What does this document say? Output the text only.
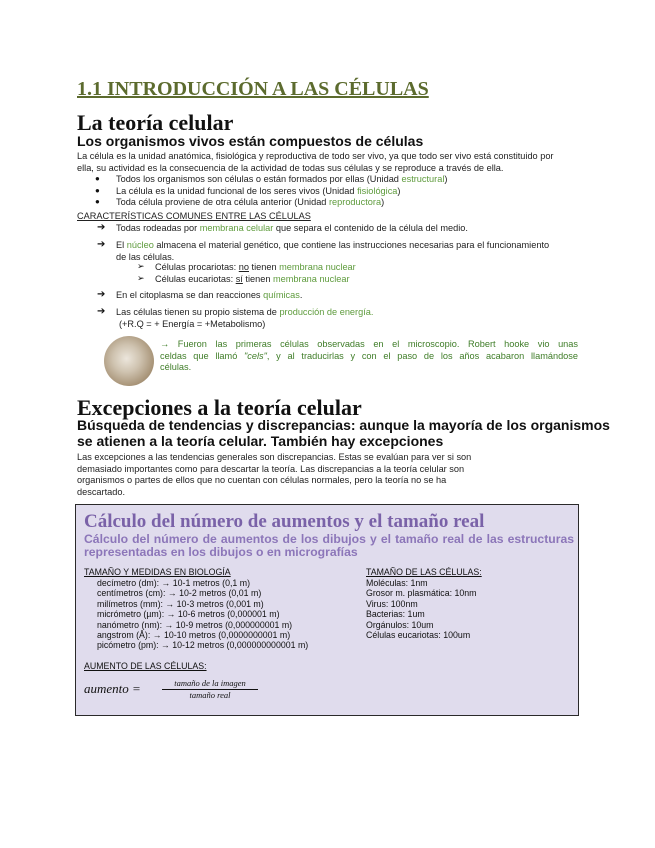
1.1 INTRODUCCIÓN A LAS CÉLULAS
La teoría celular
Los organismos vivos están compuestos de células
La célula es la unidad anatómica, fisiológica y reproductiva de todo ser vivo, ya que todo ser vivo está constituido por
ella, su actividad es la consecuencia de la actividad de todas sus células y se reproduce a través de ella.
● Todos los organismos son células o están formados por ellas (Unidad estructural)
● La célula es la unidad funcional de los seres vivos (Unidad fisiológica)
● Toda célula proviene de otra célula anterior (Unidad reproductora)
CARACTERÍSTICAS COMUNES ENTRE LAS CÉLULAS
➔ Todas rodeadas por membrana celular que separa el contenido de la célula del medio.
➔ El núcleo almacena el material genético, que contiene las instrucciones necesarias para el funcionamiento
de las células.
➢ Células procariotas: no tienen membrana nuclear
➢ Células eucariotas: sí tienen membrana nuclear
➔ En el citoplasma se dan reacciones químicas.
➔ Las células tienen su propio sistema de producción de energía.
(+R.Q = + Energía = +Metabolismo)
→ Fueron las primeras células observadas en el microscopio. Robert hooke vio unas
celdas que llamó "cels", y al traducirlas y con el paso de los años acabaron llamándose
células.
Excepciones a la teoría celular
Búsqueda de tendencias y discrepancias: aunque la mayoría de los organismos
se atienen a la teoría celular. También hay excepciones
Las excepciones a las tendencias generales son discrepancias. Estas se evalúan para ver si son
demasiado importantes como para descartar la teoría. Las discrepancias a la teoría celular son
organismos o partes de ellos que no cuentan con células normales, pero la teoría no se ha
descartado.
Cálculo del número de aumentos y el tamaño real
Cálculo del número de aumentos de los dibujos y el tamaño real de las estructuras representadas en los dibujos o en micrografías
TAMAÑO Y MEDIDAS EN BIOLOGÍA
decímetro (dm): → 10-1 metros (0,1 m)
centímetros (cm): → 10-2 metros (0,01 m)
milímetros (mm): → 10-3 metros (0,001 m)
micrómetro (µm): → 10-6 metros (0,000001 m)
nanómetro (nm): → 10-9 metros (0,000000001 m)
angstrom (Å): → 10-10 metros (0,0000000001 m)
picómetro (pm): → 10-12 metros (0,000000000001 m)
TAMAÑO DE LAS CÉLULAS:
Moléculas: 1nm
Grosor m. plasmática: 10nm
Virus: 100nm
Bacterias: 1um
Orgánulos: 10um
Células eucariotas: 100um
AUMENTO DE LAS CÉLULAS:
aumento =	tamaño de la imagen
tamaño real
